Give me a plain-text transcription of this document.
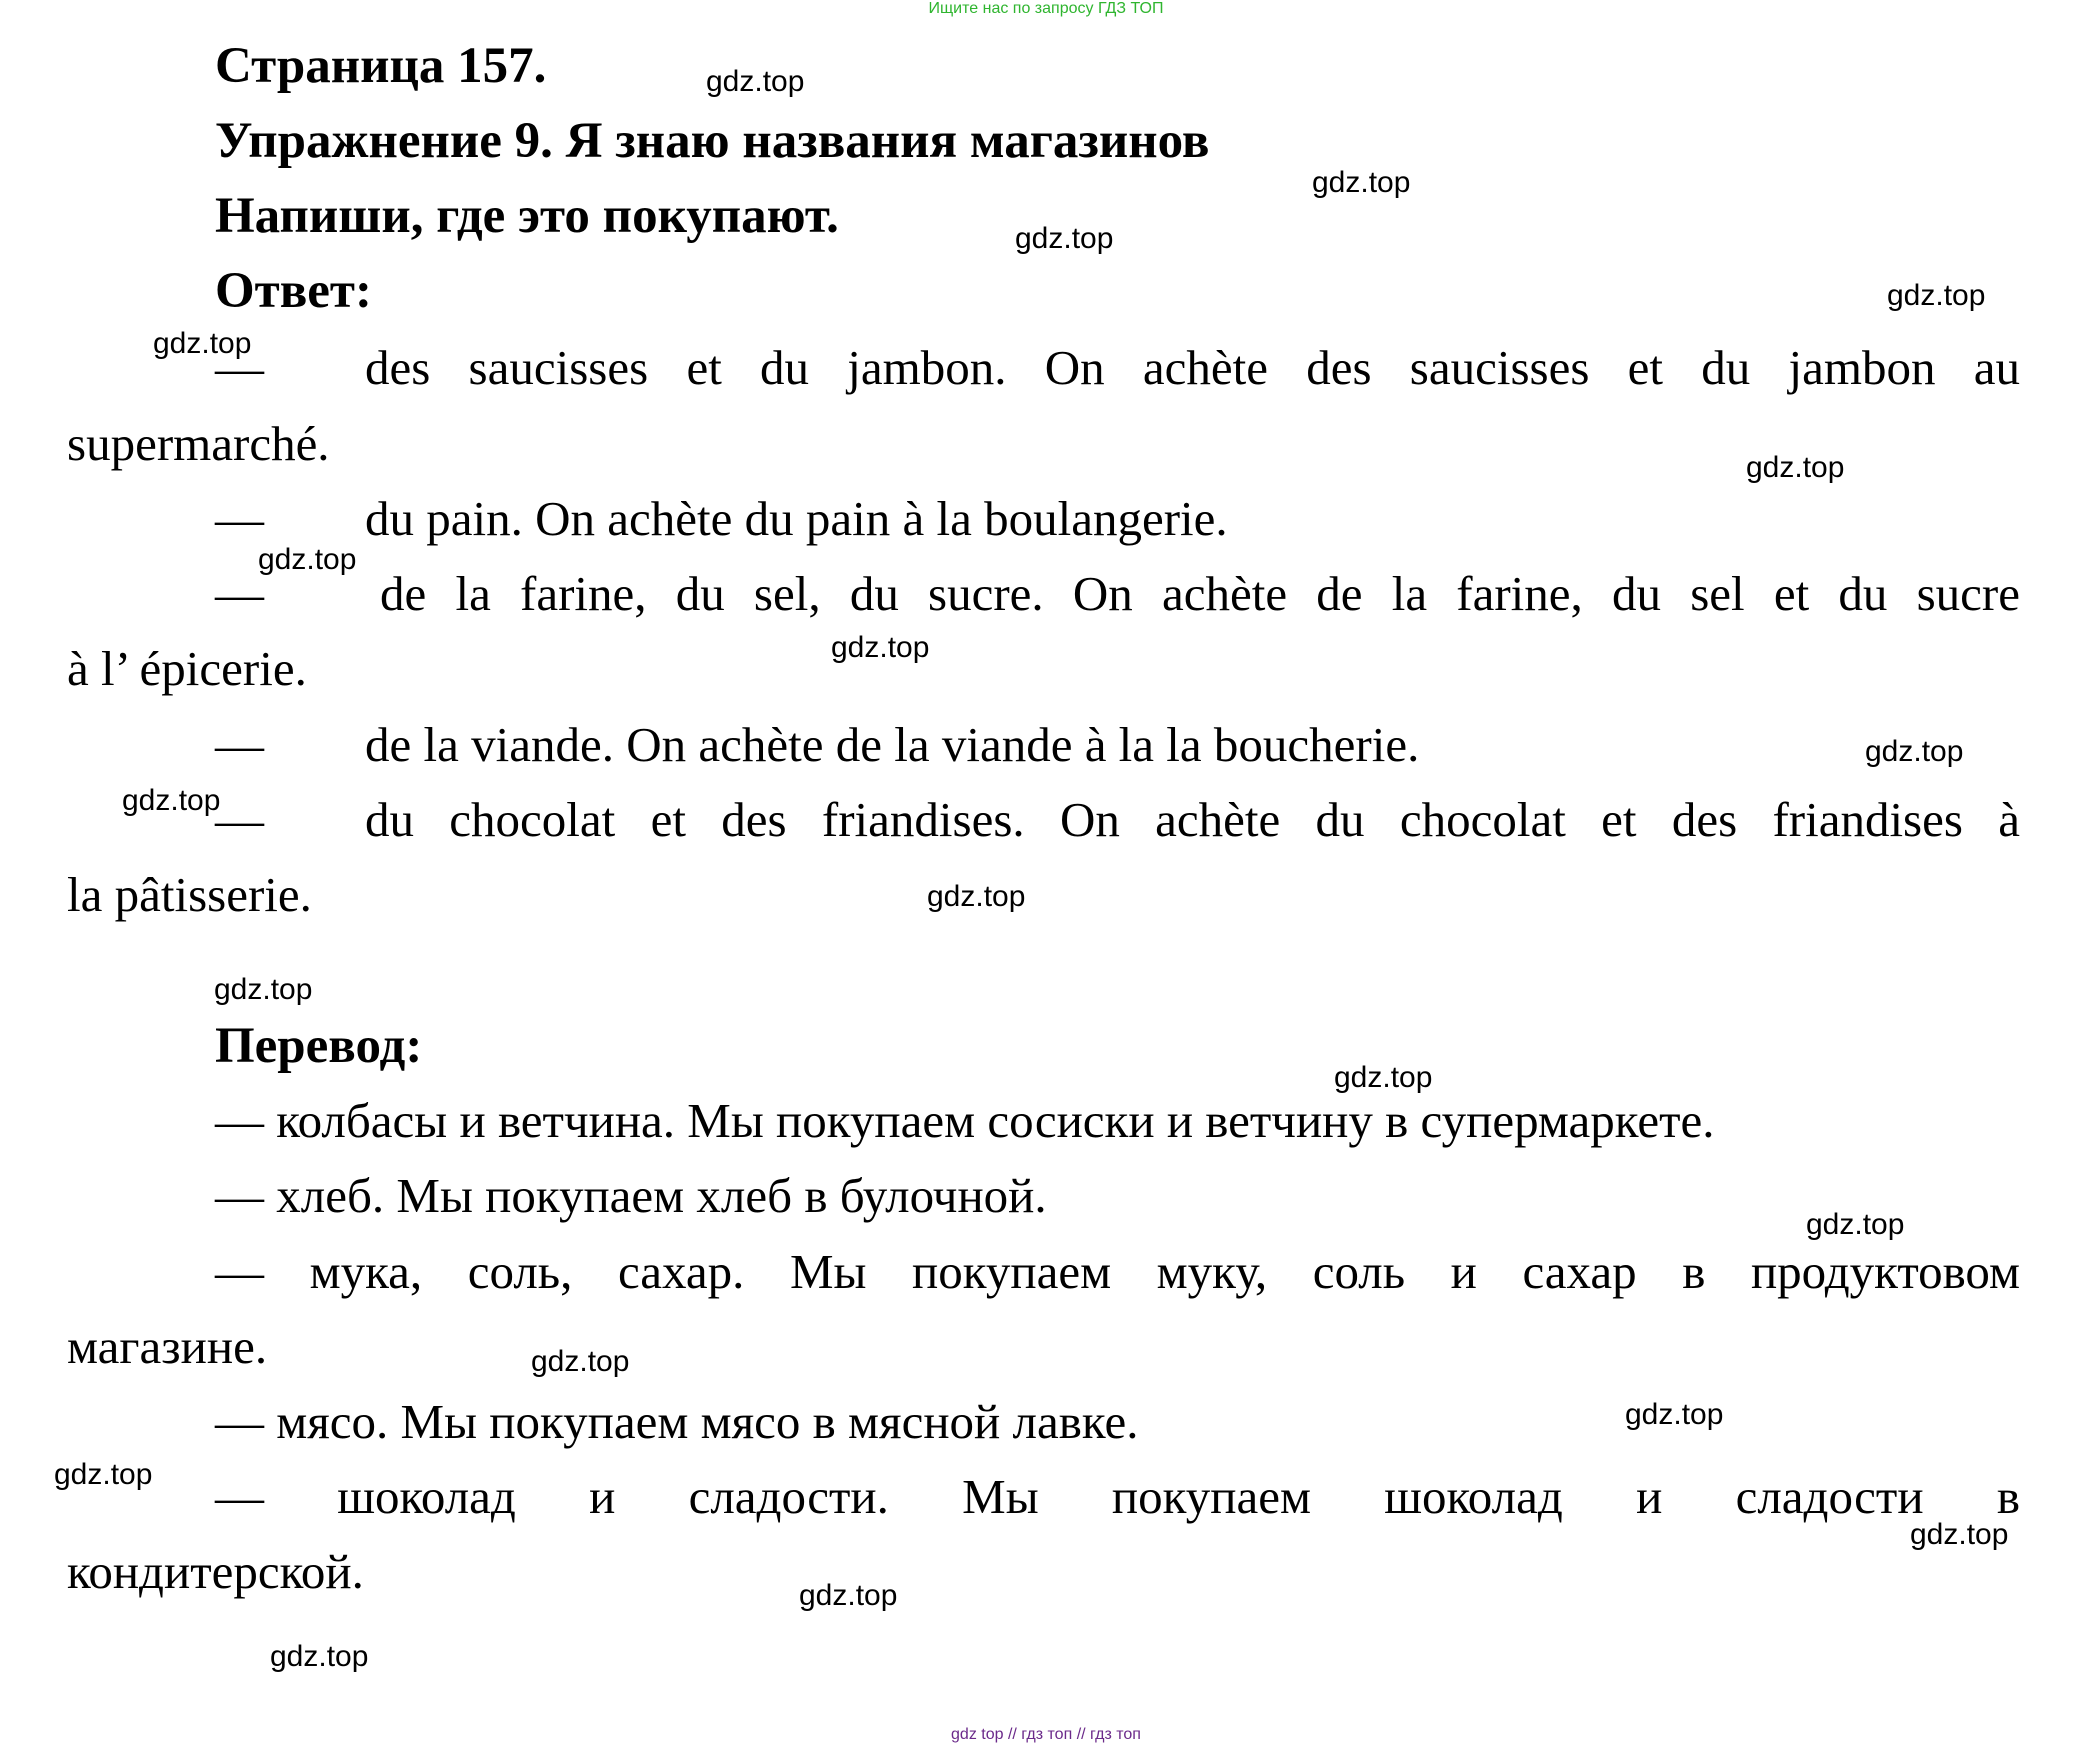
Ищите нас по запросу ГДЗ ТОП
Страница 157.
Упражнение 9. Я знаю названия магазинов
Напиши, где это покупают.
Ответ:
— des saucisses et du jambon. On achète des saucisses et du jambon au
supermarché.
— du pain. On achète du pain à la boulangerie.
— de la farine, du sel, du sucre. On achète de la farine, du sel et du sucre
à l’ épicerie.
— de la viande. On achète de la viande à la la boucherie.
— du chocolat et des friandises. On achète du chocolat et des friandises à
la pâtisserie.
Перевод:
— колбасы и ветчина. Мы покупаем сосиски и ветчину в супермаркете.
— хлеб. Мы покупаем хлеб в булочной.
— мука, соль, сахар. Мы покупаем муку, соль и сахар в продуктовом
магазине.
— мясо. Мы покупаем мясо в мясной лавке.
— шоколад и сладости. Мы покупаем шоколад и сладости в
кондитерской.
gdz.top
gdz.top
gdz.top
gdz.top
gdz.top
gdz.top
gdz.top
gdz.top
gdz.top
gdz.top
gdz.top
gdz.top
gdz.top
gdz.top
gdz.top
gdz.top
gdz.top
gdz.top
gdz.top
gdz.top
gdz top // гдз топ // гдз топ
